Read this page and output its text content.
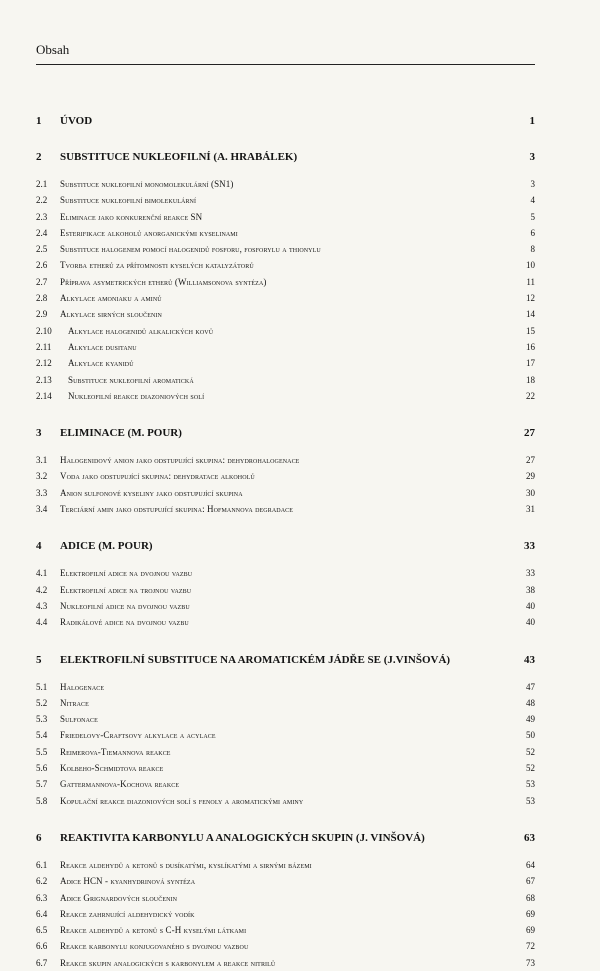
Obsah
1	ÚVOD	1
2	SUBSTITUCE NUKLEOFILNÍ (A. HRABÁLEK)	3
2.1	Substituce nukleofilní monomolekulární (SN1)	3
2.2	Substituce nukleofilní bimolekulární	4
2.3	Eliminace jako konkurenční reakce SN	5
2.4	Esterifikace alkoholů anorganickými kyselinami	6
2.5	Substituce halogenem pomocí halogenidů fosforu, fosforylu a thionylu	8
2.6	Tvorba etherů za přítomnosti kyselých katalyzátorů	10
2.7	Příprava asymetrických etherů (Williamsonova syntéza)	11
2.8	Alkylace amoniaku a aminů	12
2.9	Alkylace sirných sloučenin	14
2.10	Alkylace halogenidů alkalických kovů	15
2.11	Alkylace dusitanu	16
2.12	Alkylace kyanidů	17
2.13	Substituce nukleofilní aromatická	18
2.14	Nukleofilní reakce diazoniových solí	22
3	ELIMINACE (M. POUR)	27
3.1	Halogenidový anion jako odstupující skupina: dehydrohalogenace	27
3.2	Voda jako odstupující skupina: dehydratace alkoholů	29
3.3	Anion sulfonové kyseliny jako odstupující skupina	30
3.4	Terciární amin jako odstupující skupina: Hofmannova degradace	31
4	ADICE (M. POUR)	33
4.1	Elektrofilní adice na dvojnou vazbu	33
4.2	Elektrofilní adice na trojnou vazbu	38
4.3	Nukleofilní adice na dvojnou vazbu	40
4.4	Radikálové adice na dvojnou vazbu	40
5	ELEKTROFILNÍ SUBSTITUCE NA AROMATICKÉM JÁDŘE SE (J.VINŠOVÁ)	43
5.1	Halogenace	47
5.2	Nitrace	48
5.3	Sulfonace	49
5.4	Friedelovy-Craftsovy alkylace a acylace	50
5.5	Reimerova-Tiemannova reakce	52
5.6	Kolbeho-Schmidtova reakce	52
5.7	Gattermannova-Kochova reakce	53
5.8	Kopulační reakce diazoniových solí s fenoly a aromatickými aminy	53
6	REAKTIVITA KARBONYLU A ANALOGICKÝCH SKUPIN (J. VINŠOVÁ)	63
6.1	Reakce aldehydů a ketonů s dusíkatými, kyslíkatými a sirnými bázemi	64
6.2	Adice HCN - kyanhydrinová syntéza	67
6.3	Adice Grignardových sloučenin	68
6.4	Reakce zahrnující aldehydický vodík	69
6.5	Reakce aldehydů a ketonů s C-H kyselými látkami	69
6.6	Reakce karbonylu konjugovaného s dvojnou vazbou	72
6.7	Reakce skupin analogických s karbonylem a reakce nitrilů	73
